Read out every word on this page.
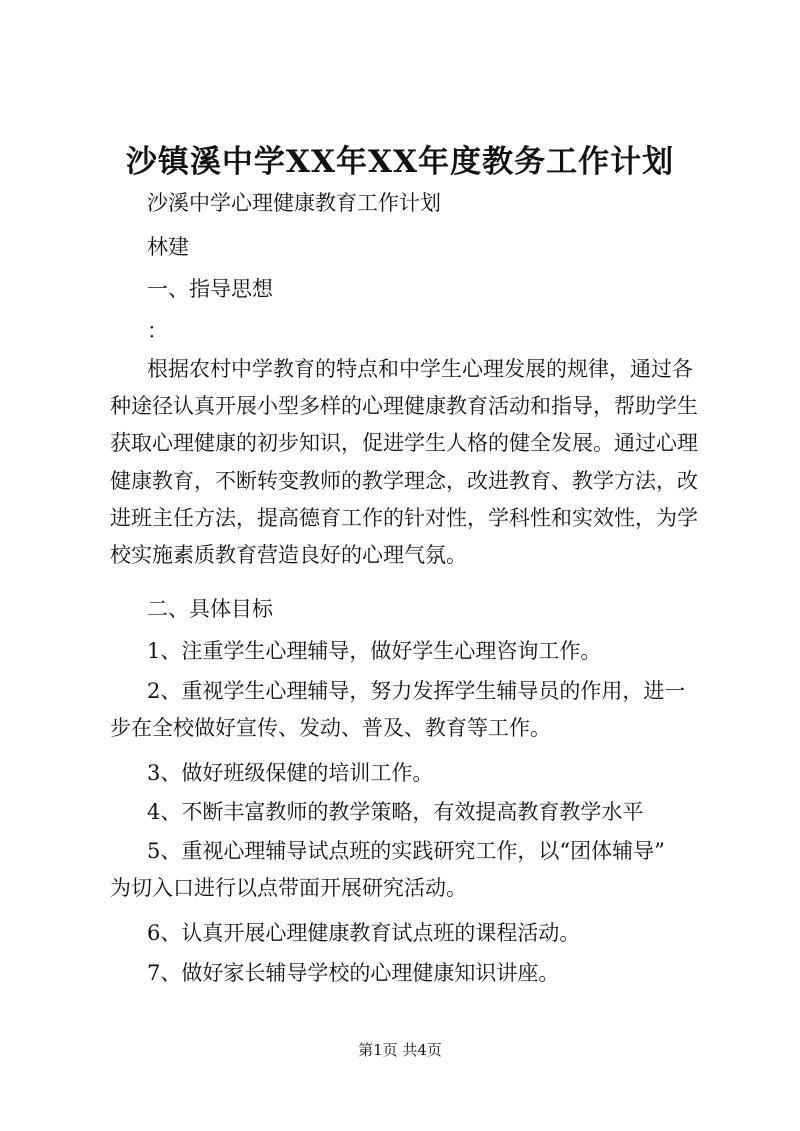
沙镇溪中学XX年XX年度教务工作计划
沙溪中学心理健康教育工作计划
林建
一、指导思想
：
根据农村中学教育的特点和中学生心理发展的规律，通过各
种途径认真开展小型多样的心理健康教育活动和指导，帮助学生
获取心理健康的初步知识，促进学生人格的健全发展。通过心理
健康教育，不断转变教师的教学理念，改进教育、教学方法，改
进班主任方法，提高德育工作的针对性，学科性和实效性，为学
校实施素质教育营造良好的心理气氛。
二、具体目标
1、注重学生心理辅导，做好学生心理咨询工作。
2、重视学生心理辅导，努力发挥学生辅导员的作用，进一
步在全校做好宣传、发动、普及、教育等工作。
3、做好班级保健的培训工作。
4、不断丰富教师的教学策略，有效提高教育教学水平
5、重视心理辅导试点班的实践研究工作，以“团体辅导”
为切入口进行以点带面开展研究活动。
6、认真开展心理健康教育试点班的课程活动。
7、做好家长辅导学校的心理健康知识讲座。
第1页 共4页
